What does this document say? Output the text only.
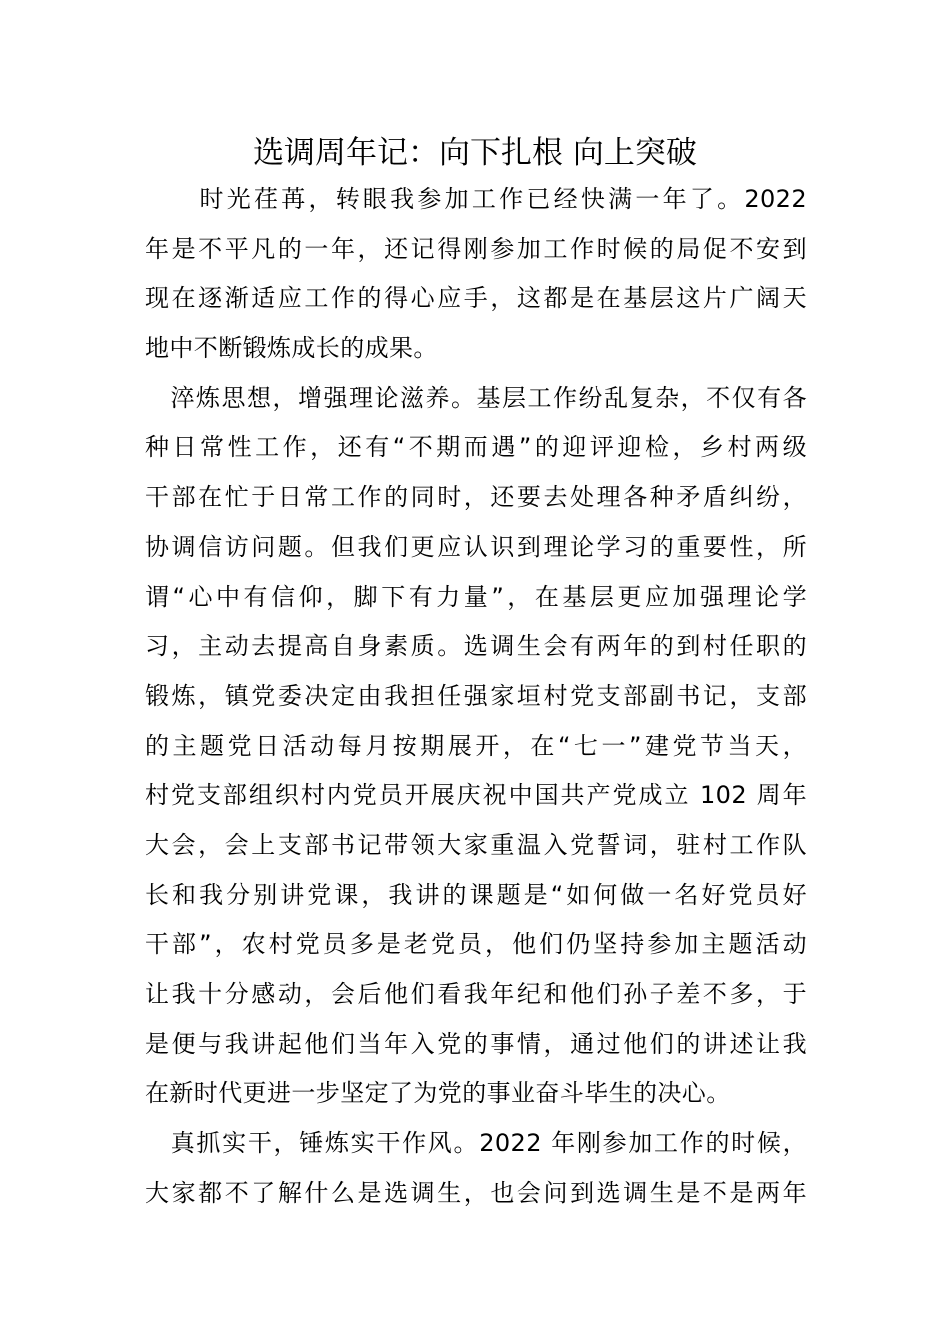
选调周年记：向下扎根 向上突破
　　时光荏苒，转眼我参加工作已经快满一年了。2022
年是不平凡的一年，还记得刚参加工作时候的局促不安到
现在逐渐适应工作的得心应手，这都是在基层这片广阔天
地中不断锻炼成长的成果。
　淬炼思想，增强理论滋养。基层工作纷乱复杂，不仅有各
种日常性工作，还有“不期而遇”的迎评迎检，乡村两级
干部在忙于日常工作的同时，还要去处理各种矛盾纠纷，
协调信访问题。但我们更应认识到理论学习的重要性，所
谓“心中有信仰，脚下有力量”，在基层更应加强理论学
习，主动去提高自身素质。选调生会有两年的到村任职的
锻炼，镇党委决定由我担任强家垣村党支部副书记，支部
的主题党日活动每月按期展开，在“七一”建党节当天，
村党支部组织村内党员开展庆祝中国共产党成立 102 周年
大会，会上支部书记带领大家重温入党誓词，驻村工作队
长和我分别讲党课，我讲的课题是“如何做一名好党员好
干部”，农村党员多是老党员，他们仍坚持参加主题活动
让我十分感动，会后他们看我年纪和他们孙子差不多，于
是便与我讲起他们当年入党的事情，通过他们的讲述让我
在新时代更进一步坚定了为党的事业奋斗毕生的决心。
　真抓实干，锤炼实干作风。2022 年刚参加工作的时候，
大家都不了解什么是选调生，也会问到选调生是不是两年
